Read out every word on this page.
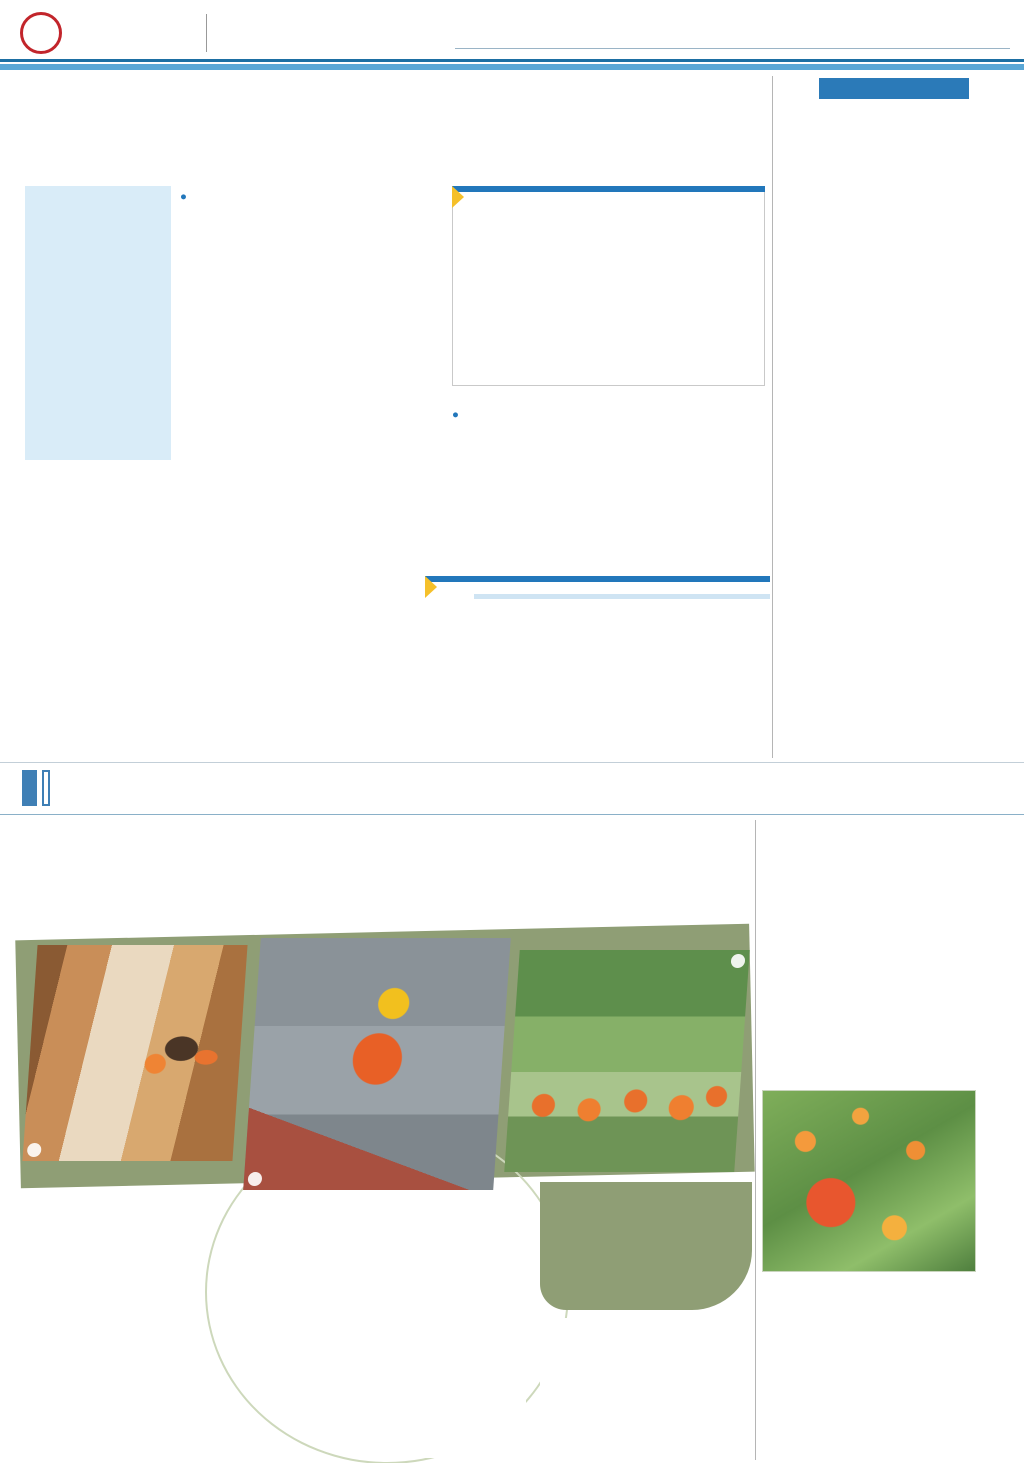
●

●
